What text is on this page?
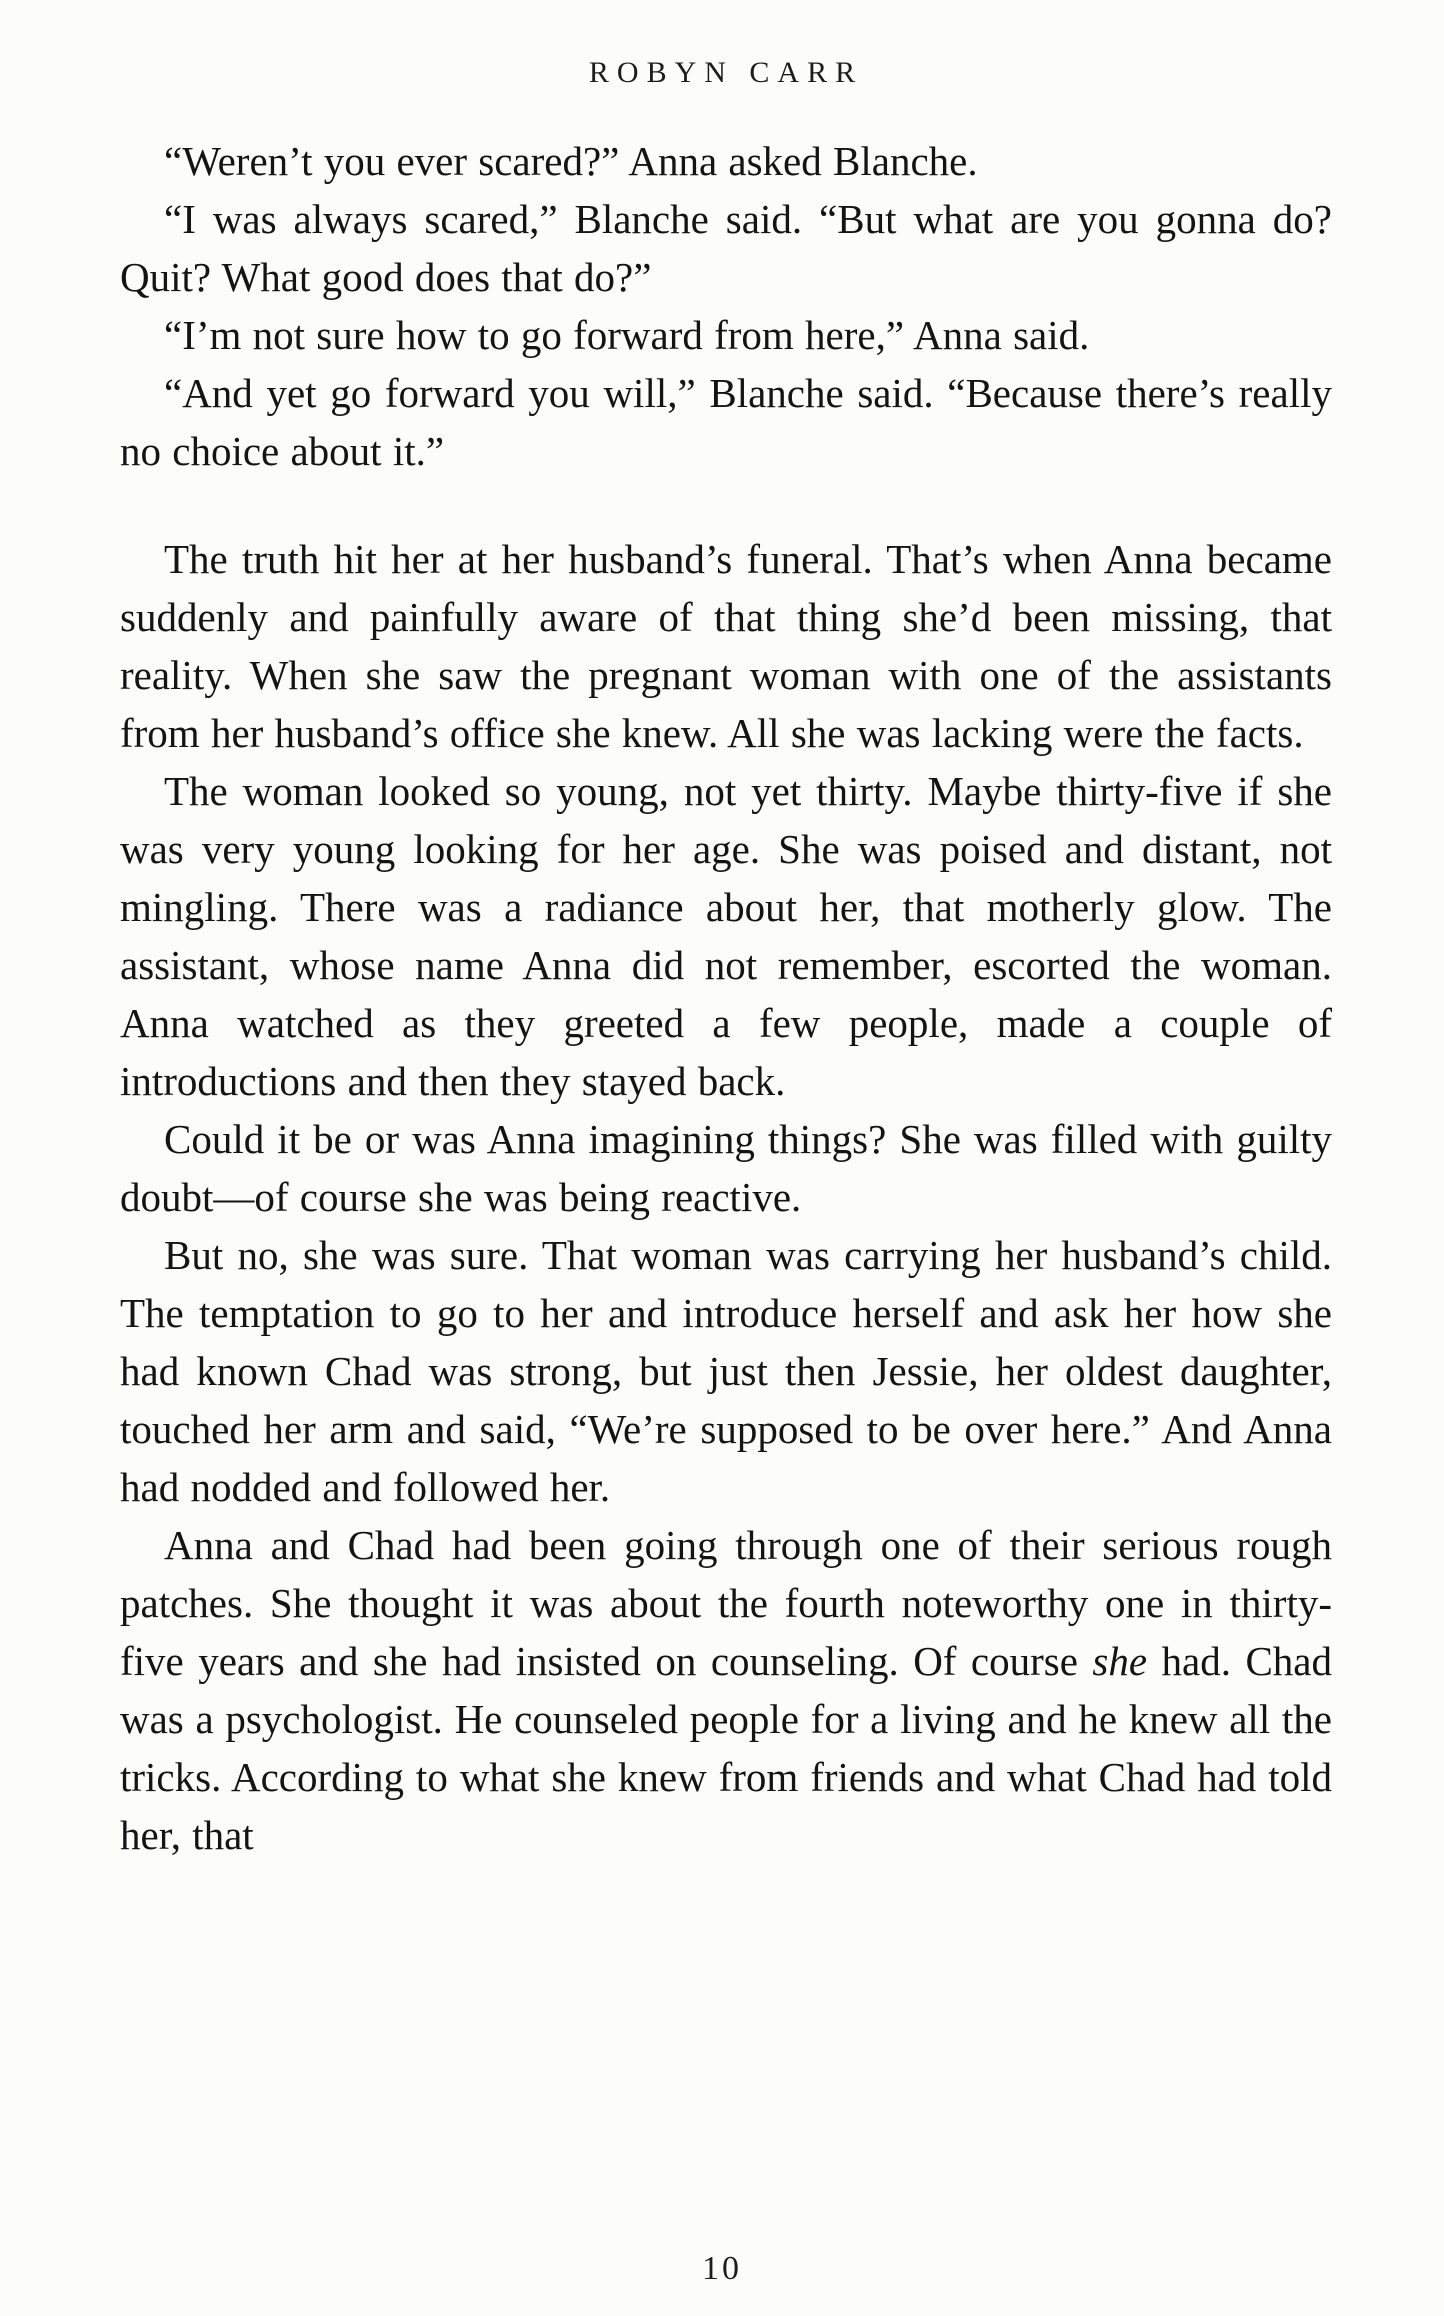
ROBYN CARR

“Weren’t you ever scared?” Anna asked Blanche.

“I was always scared,” Blanche said. “But what are you gonna do? Quit? What good does that do?”

“I’m not sure how to go forward from here,” Anna said.

“And yet go forward you will,” Blanche said. “Because there’s really no choice about it.”

The truth hit her at her husband’s funeral. That’s when Anna became suddenly and painfully aware of that thing she’d been missing, that reality. When she saw the pregnant woman with one of the assistants from her husband’s office she knew. All she was lacking were the facts.

The woman looked so young, not yet thirty. Maybe thirty-five if she was very young looking for her age. She was poised and distant, not mingling. There was a radiance about her, that motherly glow. The assistant, whose name Anna did not remember, escorted the woman. Anna watched as they greeted a few people, made a couple of introductions and then they stayed back.

Could it be or was Anna imagining things? She was filled with guilty doubt—of course she was being reactive.

But no, she was sure. That woman was carrying her husband’s child. The temptation to go to her and introduce herself and ask her how she had known Chad was strong, but just then Jessie, her oldest daughter, touched her arm and said, “We’re supposed to be over here.” And Anna had nodded and followed her.

Anna and Chad had been going through one of their serious rough patches. She thought it was about the fourth noteworthy one in thirty-five years and she had insisted on counseling. Of course she had. Chad was a psychologist. He counseled people for a living and he knew all the tricks. According to what she knew from friends and what Chad had told her, that

10
